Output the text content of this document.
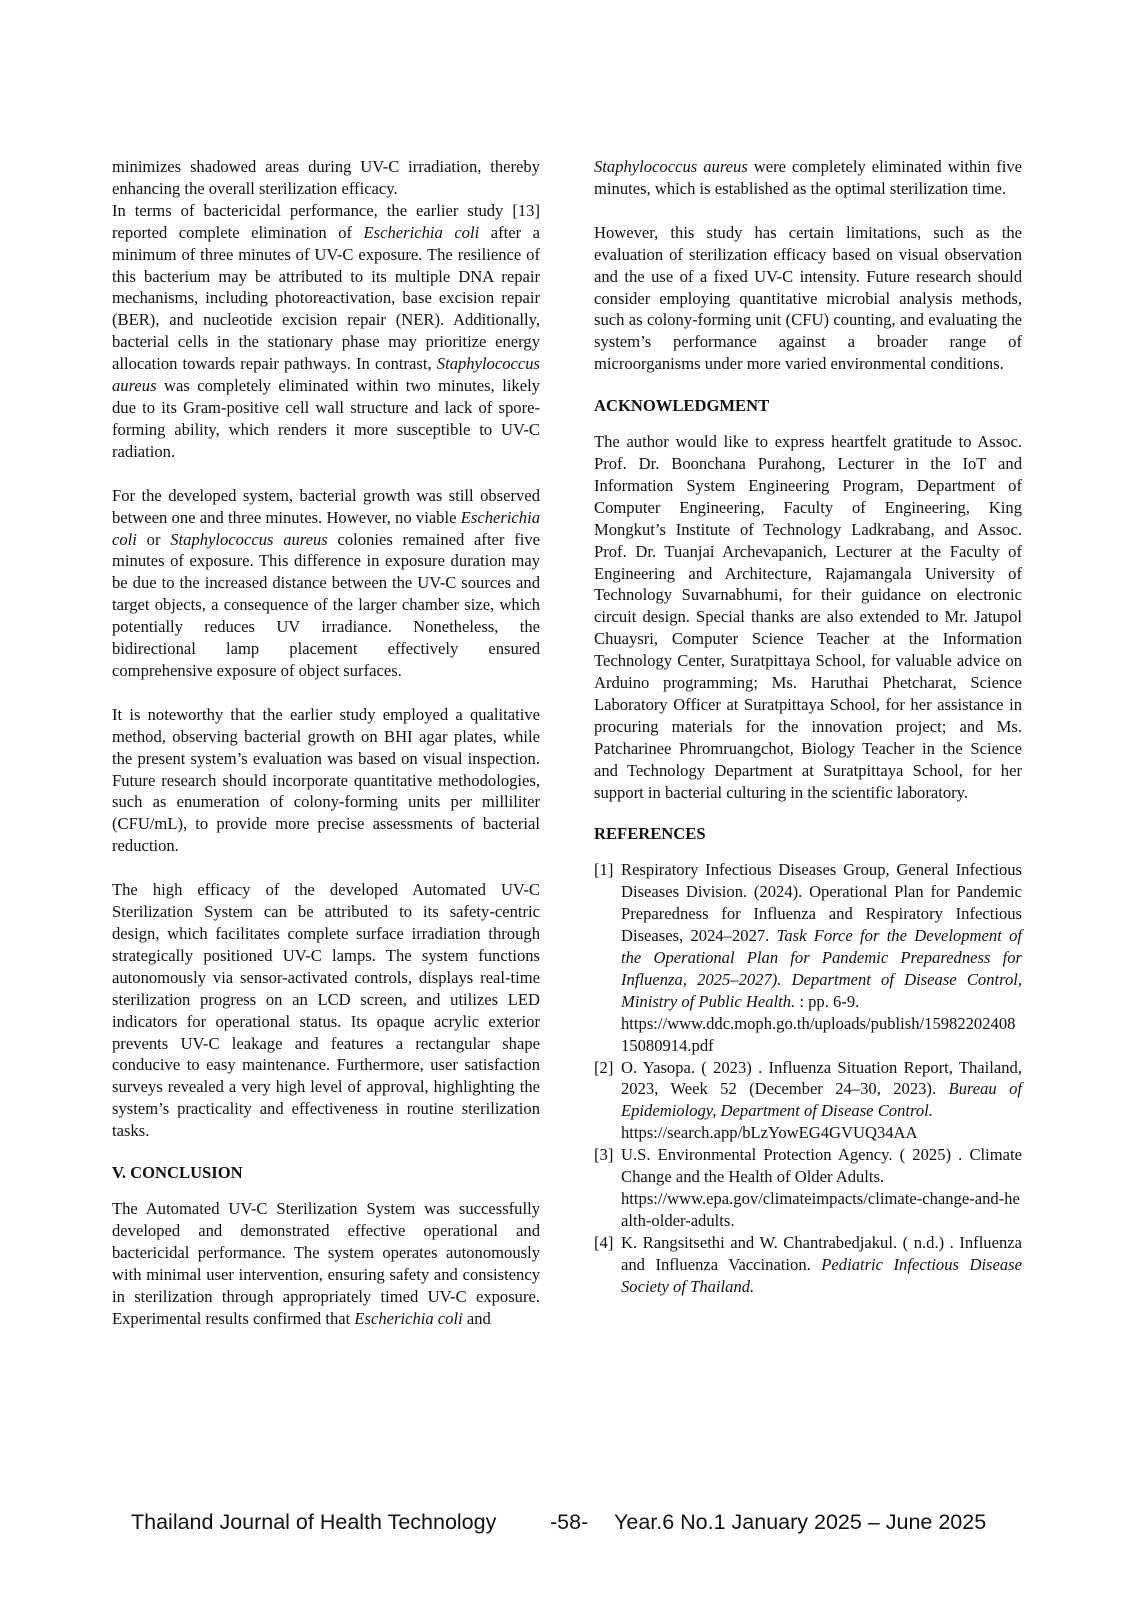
minimizes shadowed areas during UV-C irradiation, thereby enhancing the overall sterilization efficacy.

In terms of bactericidal performance, the earlier study [13] reported complete elimination of Escherichia coli after a minimum of three minutes of UV-C exposure. The resilience of this bacterium may be attributed to its multiple DNA repair mechanisms, including photoreactivation, base excision repair (BER), and nucleotide excision repair (NER). Additionally, bacterial cells in the stationary phase may prioritize energy allocation towards repair pathways. In contrast, Staphylococcus aureus was completely eliminated within two minutes, likely due to its Gram-positive cell wall structure and lack of spore-forming ability, which renders it more susceptible to UV-C radiation.

For the developed system, bacterial growth was still observed between one and three minutes. However, no viable Escherichia coli or Staphylococcus aureus colonies remained after five minutes of exposure. This difference in exposure duration may be due to the increased distance between the UV-C sources and target objects, a consequence of the larger chamber size, which potentially reduces UV irradiance. Nonetheless, the bidirectional lamp placement effectively ensured comprehensive exposure of object surfaces.

It is noteworthy that the earlier study employed a qualitative method, observing bacterial growth on BHI agar plates, while the present system’s evaluation was based on visual inspection. Future research should incorporate quantitative methodologies, such as enumeration of colony-forming units per milliliter (CFU/mL), to provide more precise assessments of bacterial reduction.

The high efficacy of the developed Automated UV-C Sterilization System can be attributed to its safety-centric design, which facilitates complete surface irradiation through strategically positioned UV-C lamps. The system functions autonomously via sensor-activated controls, displays real-time sterilization progress on an LCD screen, and utilizes LED indicators for operational status. Its opaque acrylic exterior prevents UV-C leakage and features a rectangular shape conducive to easy maintenance. Furthermore, user satisfaction surveys revealed a very high level of approval, highlighting the system’s practicality and effectiveness in routine sterilization tasks.

V. CONCLUSION

The Automated UV-C Sterilization System was successfully developed and demonstrated effective operational and bactericidal performance. The system operates autonomously with minimal user intervention, ensuring safety and consistency in sterilization through appropriately timed UV-C exposure. Experimental results confirmed that Escherichia coli and

Staphylococcus aureus were completely eliminated within five minutes, which is established as the optimal sterilization time.

However, this study has certain limitations, such as the evaluation of sterilization efficacy based on visual observation and the use of a fixed UV-C intensity. Future research should consider employing quantitative microbial analysis methods, such as colony-forming unit (CFU) counting, and evaluating the system’s performance against a broader range of microorganisms under more varied environmental conditions.

ACKNOWLEDGMENT

The author would like to express heartfelt gratitude to Assoc. Prof. Dr. Boonchana Purahong, Lecturer in the IoT and Information System Engineering Program, Department of Computer Engineering, Faculty of Engineering, King Mongkut’s Institute of Technology Ladkrabang, and Assoc. Prof. Dr. Tuanjai Archevapanich, Lecturer at the Faculty of Engineering and Architecture, Rajamangala University of Technology Suvarnabhumi, for their guidance on electronic circuit design. Special thanks are also extended to Mr. Jatupol Chuaysri, Computer Science Teacher at the Information Technology Center, Suratpittaya School, for valuable advice on Arduino programming; Ms. Haruthai Phetcharat, Science Laboratory Officer at Suratpittaya School, for her assistance in procuring materials for the innovation project; and Ms. Patcharinee Phromruangchot, Biology Teacher in the Science and Technology Department at Suratpittaya School, for her support in bacterial culturing in the scientific laboratory.

REFERENCES
[1] Respiratory Infectious Diseases Group, General Infectious Diseases Division. (2024). Operational Plan for Pandemic Preparedness for Influenza and Respiratory Infectious Diseases, 2024–2027. Task Force for the Development of the Operational Plan for Pandemic Preparedness for Influenza, 2025–2027). Department of Disease Control, Ministry of Public Health. : pp. 6-9.
https://www.ddc.moph.go.th/uploads/publish/1598220240815080914.pdf
[2] O. Yasopa. ( 2023) . Influenza Situation Report, Thailand, 2023, Week 52 (December 24–30, 2023). Bureau of Epidemiology, Department of Disease Control.
https://search.app/bLzYowEG4GVUQ34AA
[3] U.S. Environmental Protection Agency. ( 2025) . Climate Change and the Health of Older Adults.
https://www.epa.gov/climateimpacts/climate-change-and-health-older-adults.
[4] K. Rangsitsethi and W. Chantrabedjakul. ( n.d.) . Influenza and Influenza Vaccination. Pediatric Infectious Disease Society of Thailand.
Thailand Journal of Health Technology -58- Year.6 No.1 January 2025 – June 2025
